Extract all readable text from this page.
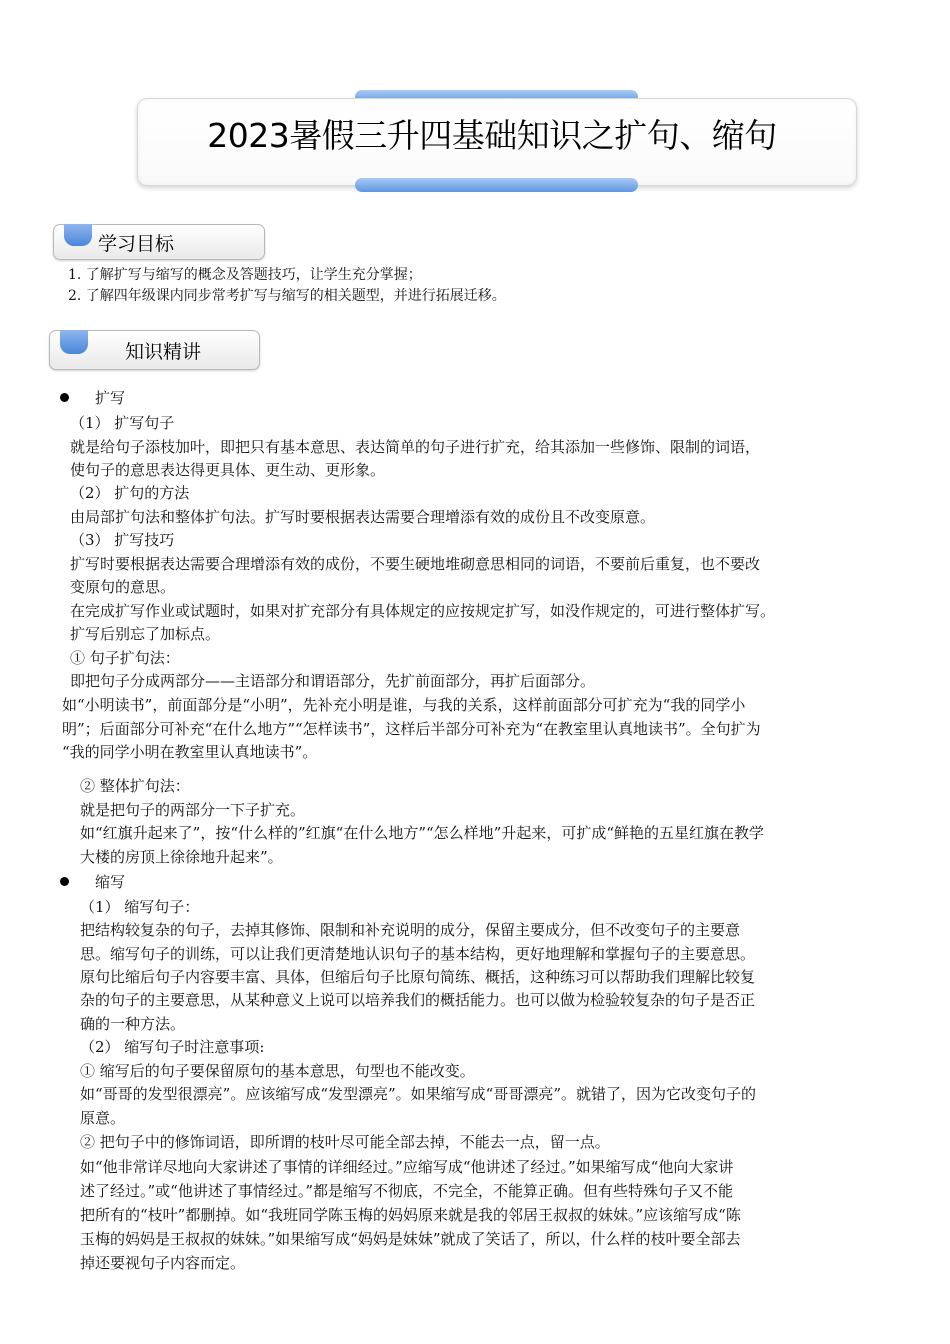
2023暑假三升四基础知识之扩句、缩句
学习目标
1. 了解扩写与缩写的概念及答题技巧，让学生充分掌握；
2. 了解四年级课内同步常考扩写与缩写的相关题型，并进行拓展迁移。
知识精讲
扩写
（1） 扩写句子
就是给句子添枝加叶，即把只有基本意思、表达简单的句子进行扩充，给其添加一些修饰、限制的词语，
使句子的意思表达得更具体、更生动、更形象。
（2） 扩句的方法
由局部扩句法和整体扩句法。扩写时要根据表达需要合理增添有效的成份且不改变原意。
（3） 扩写技巧
扩写时要根据表达需要合理增添有效的成份，不要生硬地堆砌意思相同的词语，不要前后重复，也不要改
变原句的意思。
在完成扩写作业或试题时，如果对扩充部分有具体规定的应按规定扩写，如没作规定的，可进行整体扩写。
扩写后别忘了加标点。
① 句子扩句法：
即把句子分成两部分——主语部分和谓语部分，先扩前面部分，再扩后面部分。
如“小明读书”，前面部分是“小明”，先补充小明是谁，与我的关系，这样前面部分可扩充为“我的同学小
明”；后面部分可补充“在什么地方”“怎样读书”，这样后半部分可补充为“在教室里认真地读书”。全句扩为
“我的同学小明在教室里认真地读书”。
② 整体扩句法：
就是把句子的两部分一下子扩充。
如“红旗升起来了”，按“什么样的”红旗“在什么地方”“怎么样地”升起来，可扩成“鲜艳的五星红旗在教学
大楼的房顶上徐徐地升起来”。
缩写
（1） 缩写句子：
把结构较复杂的句子，去掉其修饰、限制和补充说明的成分，保留主要成分，但不改变句子的主要意
思。缩写句子的训练，可以让我们更清楚地认识句子的基本结构，更好地理解和掌握句子的主要意思。
原句比缩后句子内容要丰富、具体，但缩后句子比原句简练、概括，这种练习可以帮助我们理解比较复
杂的句子的主要意思，从某种意义上说可以培养我们的概括能力。也可以做为检验较复杂的句子是否正
确的一种方法。
（2） 缩写句子时注意事项:
① 缩写后的句子要保留原句的基本意思，句型也不能改变。
如“哥哥的发型很漂亮”。应该缩写成“发型漂亮”。如果缩写成“哥哥漂亮”。就错了，因为它改变句子的
原意。
② 把句子中的修饰词语，即所谓的枝叶尽可能全部去掉，不能去一点，留一点。
如“他非常详尽地向大家讲述了事情的详细经过。”应缩写成“他讲述了经过。”如果缩写成“他向大家讲
述了经过。”或“他讲述了事情经过。”都是缩写不彻底，不完全，不能算正确。但有些特殊句子又不能
把所有的“枝叶”都删掉。如“我班同学陈玉梅的妈妈原来就是我的邻居王叔叔的妹妹。”应该缩写成“陈
玉梅的妈妈是王叔叔的妹妹。”如果缩写成“妈妈是妹妹”就成了笑话了，所以，什么样的枝叶要全部去
掉还要视句子内容而定。
